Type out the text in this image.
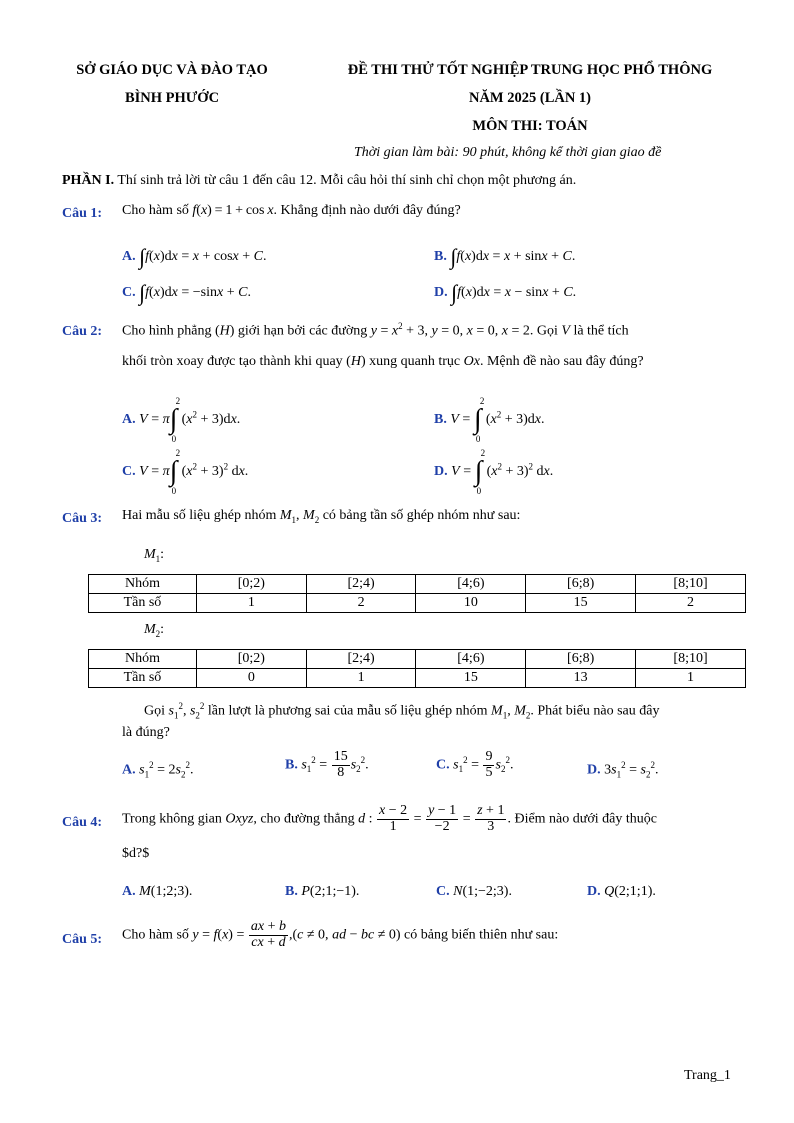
SỞ GIÁO DỤC VÀ ĐÀO TẠO
BÌNH PHƯỚC
ĐỀ THI THỬ TỐT NGHIỆP TRUNG HỌC PHỔ THÔNG
NĂM 2025 (LẦN 1)
MÔN THI: TOÁN
Thời gian làm bài: 90 phút, không kể thời gian giao đề
PHẦN I. Thí sinh trả lời từ câu 1 đến câu 12. Mỗi câu hỏi thí sinh chỉ chọn một phương án.
Câu 1: Cho hàm số f(x) = 1 + cos x. Khẳng định nào dưới đây đúng?
A. ∫f(x)dx = x + cosx + C.	B. ∫f(x)dx = x + sinx + C.
C. ∫f(x)dx = −sinx + C.	D. ∫f(x)dx = x − sinx + C.
Câu 2: Cho hình phẳng (H) giới hạn bởi các đường $y = x^2 + 3$, y = 0, x = 0, x = 2. Gọi V là thể tích
khối tròn xoay được tạo thành khi quay (H) xung quanh trục Ox. Mệnh đề nào sau đây đúng?
A. V = π∫
2
0
$(x^2 + 3)dx$.	B. V = ∫
2
0
$(x^2 + 3)dx$.
C. V = π∫
2
0
$(x^2 + 3)^2$ dx.	D. V = ∫
2
0
$(x^2 + 3)^2$ dx.
Câu 3: Hai mẫu số liệu ghép nhóm $M_1$, $M_2$ có bảng tần số ghép nhóm như sau:
$M_1$:
Nhóm	[0;2)	[2;4)	[4;6)	[6;8)	[8;10]
Tần số	1	2	10	15	2
$M_2$:
Nhóm	[0;2)	[2;4)	[4;6)	[6;8)	[8;10]
Tần số	0	1	15	13	1
Gọi $s_1^2$, $s_2^2$ lần lượt là phương sai của mẫu số liệu ghép nhóm $M_1$, $M_2$. Phát biểu nào sau đây
là đúng?
A. $s_1^2 = 2s_2^2$.	B. $s_1^2 = \frac{15}{8} s_2^2$.	C. $s_1^2 = \frac{9}{5} s_2^2$.	D. $3s_1^2 = s_2^2$.
Câu 4: Trong không gian Oxyz, cho đường thẳng d : $\frac{x - 2}{1} = \frac{y - 1}{-2} = \frac{z + 1}{3}$ . Điểm nào dưới đây thuộc
$d?$
A. M(1;2;3).	B. P(2;1;−1).	C. N(1;−2;3).	D. Q(2;1;1).
Câu 5: Cho hàm số $y = f(x) = \frac{ax + b}{cx + d} ,(c \ne 0$, ad − bc ≠ 0) có bảng biến thiên như sau:
Trang_1
